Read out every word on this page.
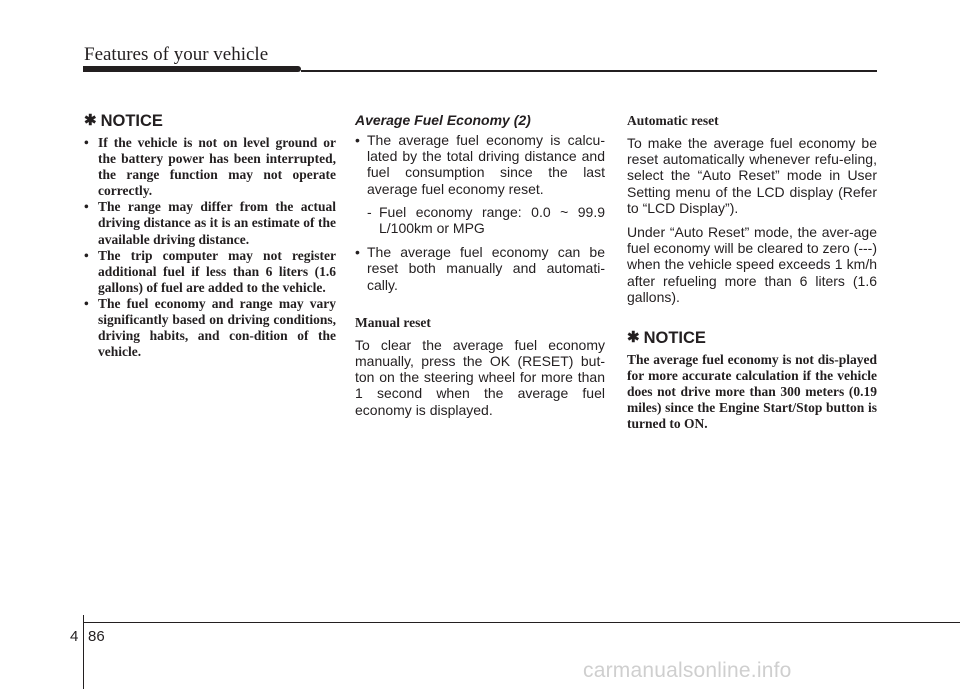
Features of your vehicle
✱ NOTICE
• If the vehicle is not on level ground or the battery power has been interrupted, the range function may not operate correctly.
• The range may differ from the actual driving distance as it is an estimate of the available driving distance.
• The trip computer may not register additional fuel if less than 6 liters (1.6 gallons) of fuel are added to the vehicle.
• The fuel economy and range may vary significantly based on driving conditions, driving habits, and con-dition of the vehicle.
Average Fuel Economy (2)
• The average fuel economy is calcu-lated by the total driving distance and fuel consumption since the last average fuel economy reset.
- Fuel economy range: 0.0 ~ 99.9 L/100km or MPG
• The average fuel economy can be reset both manually and automati-cally.
Manual reset
To clear the average fuel economy manually, press the OK (RESET) but-ton on the steering wheel for more than 1 second when the average fuel economy is displayed.
Automatic reset
To make the average fuel economy be reset automatically whenever refu-eling, select the “Auto Reset” mode in User Setting menu of the LCD display (Refer to “LCD Display”).
Under “Auto Reset” mode, the aver-age fuel economy will be cleared to zero (---) when the vehicle speed exceeds 1 km/h after refueling more than 6 liters (1.6 gallons).
✱ NOTICE
The average fuel economy is not dis-played for more accurate calculation if the vehicle does not drive more than 300 meters (0.19 miles) since the Engine Start/Stop button is turned to ON.
4 86
carmanualsonline.info
